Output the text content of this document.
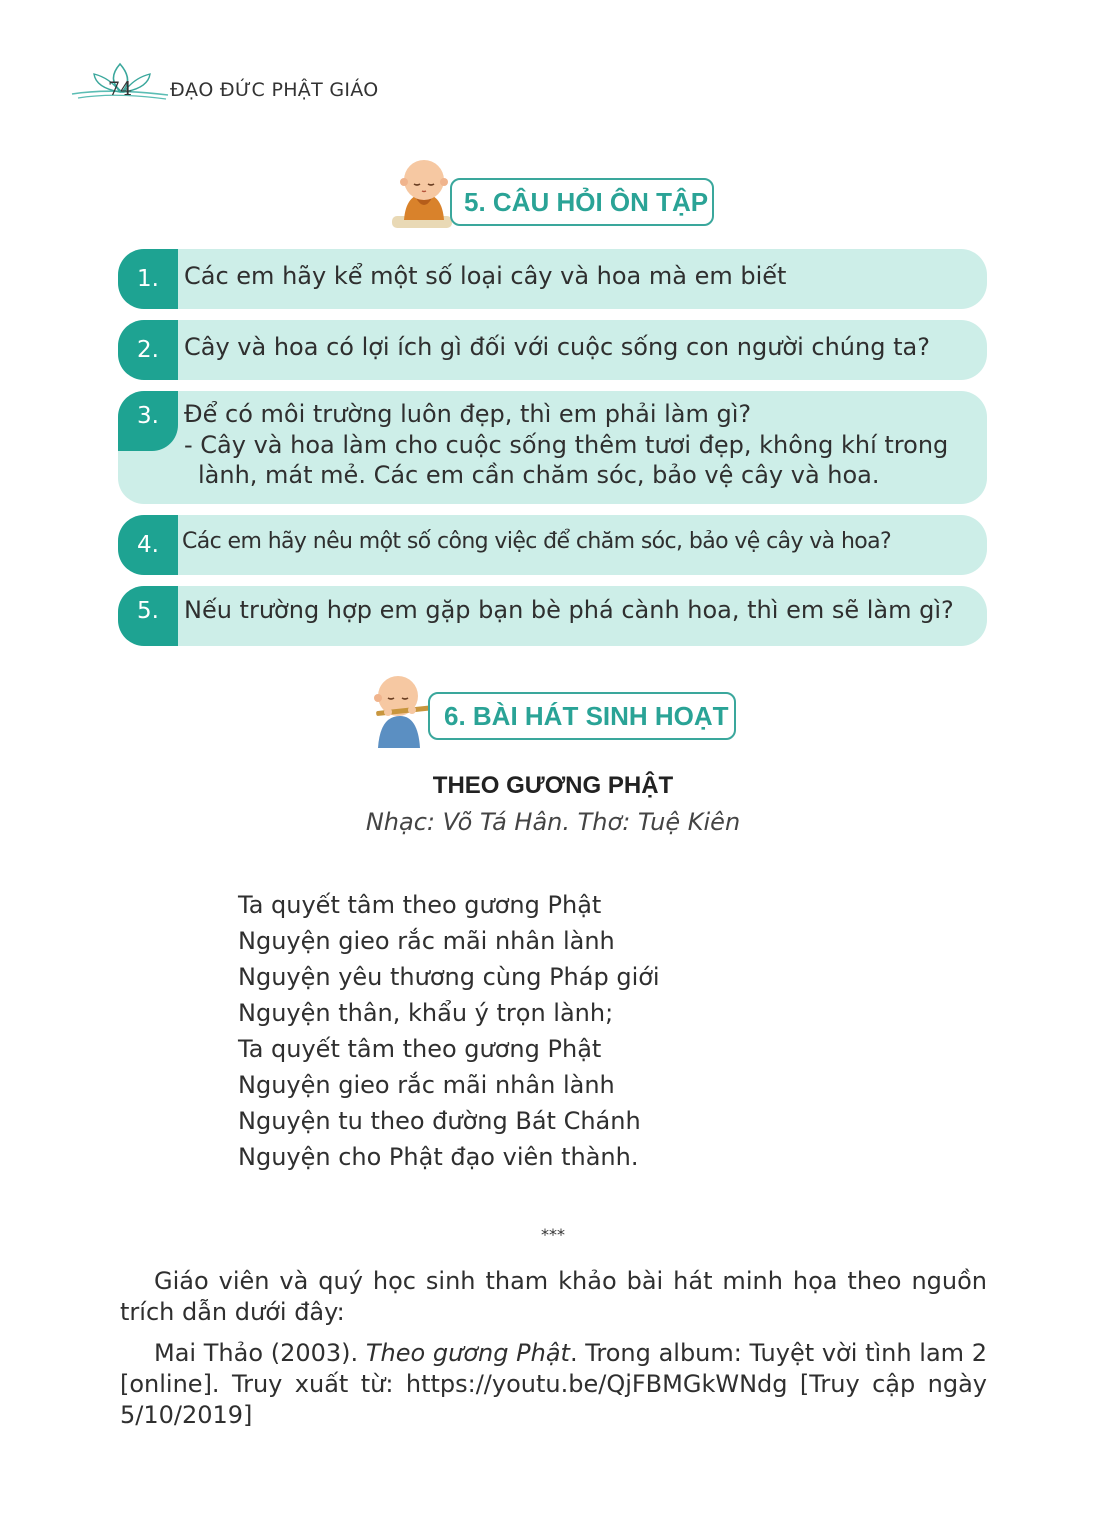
74 ĐẠO ĐỨC PHẬT GIÁO
5. CÂU HỎI ÔN TẬP
1.	Các em hãy kể một số loại cây và hoa mà em biết
2.	Cây và hoa có lợi ích gì đối với cuộc sống con người chúng ta?
3.	Để có môi trường luôn đẹp, thì em phải làm gì?
- Cây và hoa làm cho cuộc sống thêm tươi đẹp, không khí trong
lành, mát mẻ. Các em cần chăm sóc, bảo vệ cây và hoa.
4.	Các em hãy nêu một số công việc để chăm sóc, bảo vệ cây và hoa?
5.	Nếu trường hợp em gặp bạn bè phá cành hoa, thì em sẽ làm gì?
6. BÀI HÁT SINH HOẠT
THEO GƯƠNG PHẬT
Nhạc: Võ Tá Hân. Thơ: Tuệ Kiên
Ta quyết tâm theo gương Phật
Nguyện gieo rắc mãi nhân lành
Nguyện yêu thương cùng Pháp giới
Nguyện thân, khẩu ý trọn lành;
Ta quyết tâm theo gương Phật
Nguyện gieo rắc mãi nhân lành
Nguyện tu theo đường Bát Chánh
Nguyện cho Phật đạo viên thành.
***
Giáo viên và quý học sinh tham khảo bài hát minh họa theo nguồn trích dẫn dưới đây:
Mai Thảo (2003). Theo gương Phật. Trong album: Tuyệt vời tình lam 2 [online]. Truy xuất từ: https://youtu.be/QjFBMGkWNdg [Truy cập ngày 5/10/2019]
